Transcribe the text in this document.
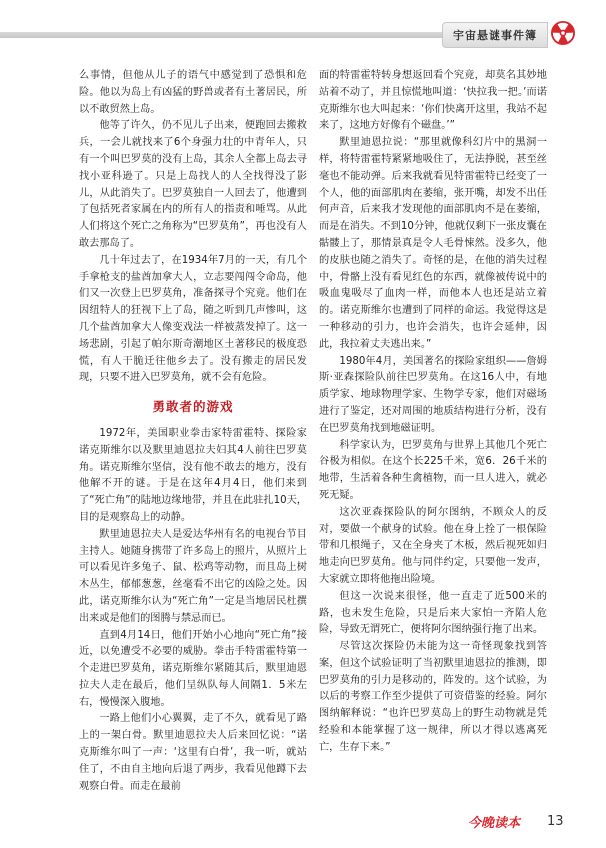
宇宙悬谜事件簿

么事情，但他从儿子的语气中感觉到了恐惧和危险。他以为岛上有凶猛的野兽或者有土著居民，所以不敢贸然上岛。

他等了许久，仍不见儿子出来，便跑回去搬救兵，一会儿就找来了6个身强力壮的中青年人，只有一个叫巴罗莫的没有上岛，其余人全都上岛去寻找小亚科逊了。只是上岛找人的人全找得没了影儿，从此消失了。巴罗莫独自一人回去了，他遭到了包括死者家属在内的所有人的指责和唾骂。从此人们将这个死亡之角称为“巴罗莫角”，再也没有人敢去那岛了。

几十年过去了，在1934年7月的一天，有几个手拿枪支的盐酋加拿大人，立志要闯闯令命岛，他们又一次登上巴罗莫角，准备探寻个究竟。他们在因纽特人的狂视下上了岛，随之听到几声惨叫，这几个盐酋加拿大人像变戏法一样被蒸发掉了。这一场悲剧，引起了帕尔斯奇潮地区土著移民的极度恐慌，有人干脆迁往他乡去了。没有搬走的居民发现，只要不进入巴罗莫角，就不会有危险。

勇敢者的游戏

1972年，美国职业拳击家特雷霍特、探险家诺克斯维尔以及默里迪恩拉夫妇其4人前往巴罗莫角。诺克斯维尔坚信，没有他不敢去的地方，没有他解不开的谜。于是在这年4月4日，他们来到了“死亡角”的陆地边缘地带，并且在此驻扎10天，目的是观察岛上的动静。

默里迪恩拉夫人是爱达华州有名的电视台节目主持人。她随身携带了许多岛上的照片，从照片上可以看见许多兔子、鼠、松鸡等动物，而且岛上树木丛生，郁郁葱葱，丝毫看不出它的凶险之处。因此，诺克斯维尔认为“死亡角”一定是当地居民杜撰出来或是他们的图腾与禁忌而已。

直到4月14日，他们开始小心地向“死亡角”接近，以免遭受不必要的威胁。拳击手特雷霍特第一个走进巴罗莫角，诺克斯维尔紧随其后，默里迪恩拉夫人走在最后，他们呈纵队每人间隔1．5米左右，慢慢深入腹地。

一路上他们小心翼翼，走了不久，就看见了路上的一架白骨。默里迪恩拉夫人后来回忆说：“诺克斯维尔叫了一声：‘这里有白骨’，我一听，就站住了，不由自主地向后退了两步，我看见他蹲下去观察白骨。而走在最前

面的特雷霍特转身想返回看个究竟，却莫名其妙地站着不动了，并且惊慌地叫道：‘快拉我一把。’而诺克斯维尔也大叫起来：‘你们快离开这里，我站不起来了，这地方好像有个磁盘。’”

默里迪恩拉说：“那里就像科幻片中的黑洞一样，将特雷霍特紧紧地吸住了，无法挣脱，甚至丝毫也不能动弹。后来我就看见特雷霍特已经变了一个人，他的面部肌肉在萎缩，张开嘴，却发不出任何声音，后来我才发现他的面部肌肉不是在萎缩，而是在消失。不到10分钟，他就仅剩下一张皮囊在骷髅上了，那情景真是令人毛骨悚然。没多久，他的皮肤也随之消失了。奇怪的是，在他的消失过程中，骨骼上没有看见红色的东西，就像被传说中的吸血鬼吸尽了血肉一样，而他本人也还是站立着的。诺克斯维尔也遭到了同样的命运。我觉得这是一种移动的引力，也许会消失，也许会延伸，因此，我拉着丈夫逃出来。”

1980年4月，美国著名的探险家组织——詹姆斯·亚森探险队前往巴罗莫角。在这16人中，有地质学家、地球物理学家、生物学专家，他们对磁场进行了鉴定，还对周围的地质结构进行分析，没有在巴罗莫角找到地磁证明。

科学家认为，巴罗莫角与世界上其他几个死亡谷极为相似。在这个长225千米，宽6．26千米的地带，生活着各种生禽植物，而一旦人进入，就必死无疑。

这次亚森探险队的阿尔图纳，不顾众人的反对，要做一个献身的试验。他在身上拴了一根保险带和几根绳子，又在全身夹了木板，然后视死如归地走向巴罗莫角。他与同伴约定，只要他一发声，大家就立即将他拖出险境。

但这一次说来很怪，他一直走了近500米的路，也未发生危险，只是后来大家怕一齐陷人危险，导致无谓死亡，便将阿尔图纳强行拖了出来。

尽管这次探险仍未能为这一奇怪现象找到答案，但这个试验证明了当初默里迪恩拉的推测，即巴罗莫角的引力是移动的，阵发的。这个试验，为以后的考察工作至少提供了可资借鉴的经验。阿尔图纳解释说：“也许巴罗莫岛上的野生动物就是凭经验和本能掌握了这一规律，所以才得以逃离死亡，生存下来。”

今晚读本 13
